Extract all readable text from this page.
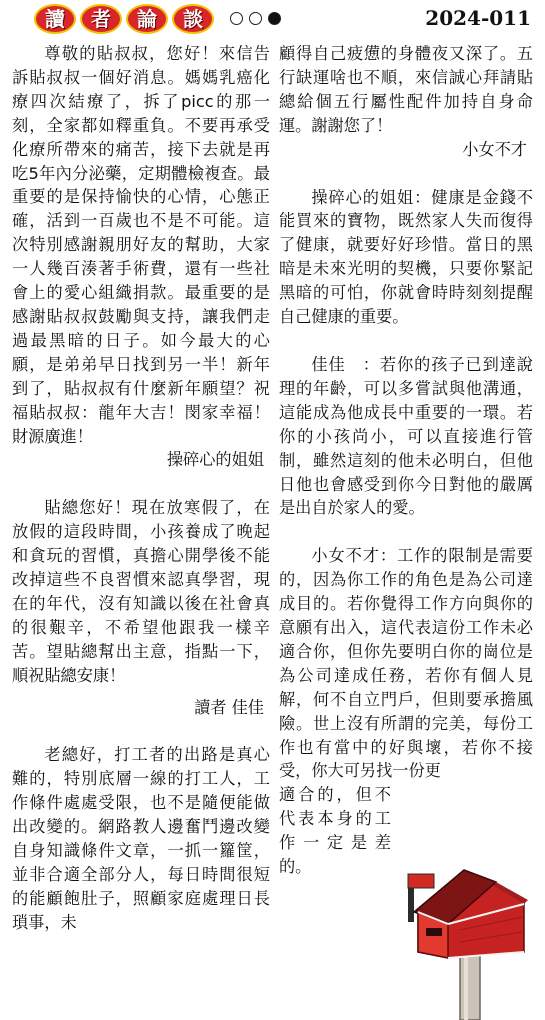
讀	者	論	談	2024-011

尊敬的貼叔叔，您好！來信告訴貼叔叔一個好消息。媽媽乳癌化療四次結療了，拆了picc的那一刻，全家都如釋重負。不要再承受化療所帶來的痛苦，接下去就是再吃5年內分泌藥，定期體檢複查。最重要的是保持愉快的心情，心態正確，活到一百歲也不是不可能。這次特別感謝親朋好友的幫助，大家一人幾百湊著手術費，還有一些社會上的愛心組織捐款。最重要的是感謝貼叔叔鼓勵與支持，讓我們走過最黑暗的日子。如今最大的心願，是弟弟早日找到另一半！新年到了，貼叔叔有什麼新年願望？祝福貼叔叔：龍年大吉！閔家幸福！財源廣進！

操碎心的姐姐

貼總您好！現在放寒假了，在放假的這段時間，小孩養成了晚起和貪玩的習慣，真擔心開學後不能改掉這些不良習慣來認真學習，現在的年代，沒有知識以後在社會真的很艱辛，不希望他跟我一樣辛苦。望貼總幫出主意，指點一下，順祝貼總安康！

讀者 佳佳

老總好，打工者的出路是真心難的，特別底層一線的打工人，工作條件處處受限，也不是隨便能做出改變的。網路教人邊奮鬥邊改變自身知識條件文章，一抓一籮筐，並非合適全部分人，每日時間很短的能顧飽肚子，照顧家庭處理日長瑣事，未

顧得自己疲憊的身體夜又深了。五行缺運啥也不順，來信誠心拜請貼總給個五行屬性配件加持自身命運。謝謝您了！

小女不才

操碎心的姐姐：健康是金錢不能買來的寶物，既然家人失而復得了健康，就要好好珍惜。當日的黑暗是未來光明的契機，只要你緊記黑暗的可怕，你就會時時刻刻提醒自己健康的重要。

佳佳　：若你的孩子已到達說理的年齡，可以多嘗試與他溝通，這能成為他成長中重要的一環。若你的小孩尚小，可以直接進行管制，雖然這刻的他未必明白，但他日他也會感受到你今日對他的嚴厲是出自於家人的愛。

小女不才：工作的限制是需要的，因為你工作的角色是為公司達成目的。若你覺得工作方向與你的意願有出入，這代表這份工作未必適合你，但你先要明白你的崗位是為公司達成任務，若你有個人見解，何不自立門戶，但則要承擔風險。世上沒有所謂的完美，每份工作也有當中的好與壞，若你不接受，你大可另找一份更

適合的，但不代表本身的工作一定是差的。
